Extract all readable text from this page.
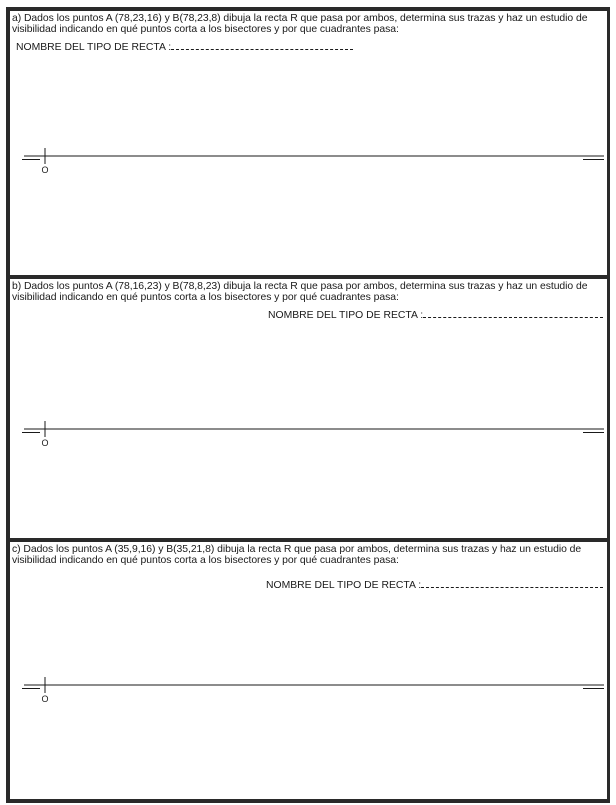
a) Dados los puntos A (78,23,16) y B(78,23,8) dibuja la recta R que pasa por ambos, determina sus trazas y haz un estudio de visibilidad indicando en qué puntos corta a los bisectores y por que cuadrantes pasa:

NOMBRE DEL TIPO DE RECTA :
O

b) Dados los puntos A (78,16,23) y B(78,8,23) dibuja la recta R que pasa por ambos, determina sus trazas y haz un estudio de visibilidad indicando en qué puntos corta a los bisectores y por qué cuadrantes pasa:

NOMBRE DEL TIPO DE RECTA :
O

c) Dados los puntos A (35,9,16) y B(35,21,8) dibuja la recta R que pasa por ambos, determina sus trazas y haz un estudio de visibilidad indicando en qué puntos corta a los bisectores y por qué cuadrantes pasa:

NOMBRE DEL TIPO DE RECTA :
O
